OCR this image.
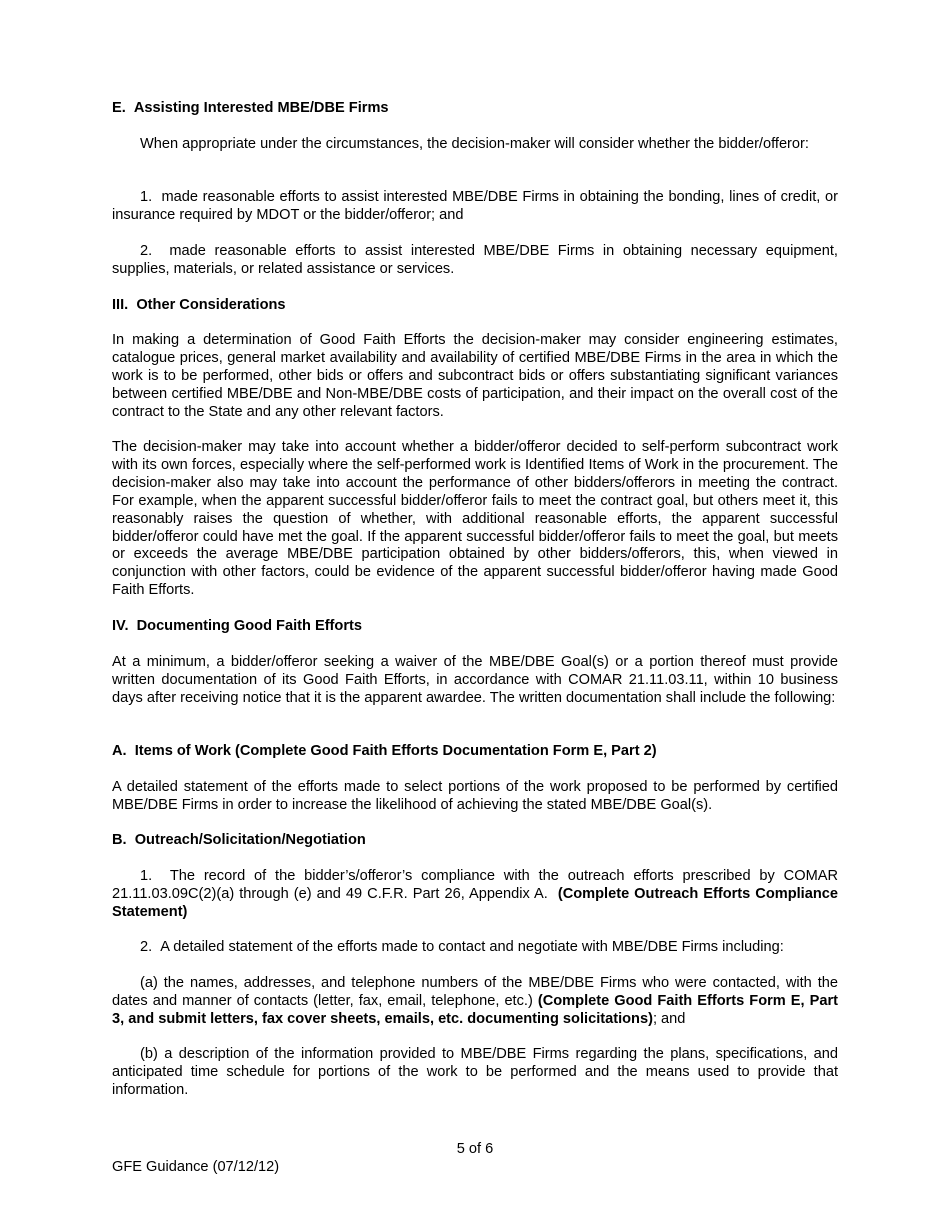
E.  Assisting Interested MBE/DBE Firms

When appropriate under the circumstances, the decision-maker will consider whether the bidder/offeror:

1.  made reasonable efforts to assist interested MBE/DBE Firms in obtaining the bonding, lines of credit, or insurance required by MDOT or the bidder/offeror; and

2.  made reasonable efforts to assist interested MBE/DBE Firms in obtaining necessary equipment, supplies, materials, or related assistance or services.

III.  Other Considerations

In making a determination of Good Faith Efforts the decision-maker may consider engineering estimates, catalogue prices, general market availability and availability of certified MBE/DBE Firms in the area in which the work is to be performed, other bids or offers and subcontract bids or offers substantiating significant variances between certified MBE/DBE and Non-MBE/DBE costs of participation, and their impact on the overall cost of the contract to the State and any other relevant factors.

The decision-maker may take into account whether a bidder/offeror decided to self-perform subcontract work with its own forces, especially where the self-performed work is Identified Items of Work in the procurement. The decision-maker also may take into account the performance of other bidders/offerors in meeting the contract. For example, when the apparent successful bidder/offeror fails to meet the contract goal, but others meet it, this reasonably raises the question of whether, with additional reasonable efforts, the apparent successful bidder/offeror could have met the goal. If the apparent successful bidder/offeror fails to meet the goal, but meets or exceeds the average MBE/DBE participation obtained by other bidders/offerors, this, when viewed in conjunction with other factors, could be evidence of the apparent successful bidder/offeror having made Good Faith Efforts.

IV.  Documenting Good Faith Efforts

At a minimum, a bidder/offeror seeking a waiver of the MBE/DBE Goal(s) or a portion thereof must provide written documentation of its Good Faith Efforts, in accordance with COMAR 21.11.03.11, within 10 business days after receiving notice that it is the apparent awardee. The written documentation shall include the following:

A.  Items of Work (Complete Good Faith Efforts Documentation Form E, Part 2)

A detailed statement of the efforts made to select portions of the work proposed to be performed by certified MBE/DBE Firms in order to increase the likelihood of achieving the stated MBE/DBE Goal(s).

B.  Outreach/Solicitation/Negotiation

1.  The record of the bidder’s/offeror’s compliance with the outreach efforts prescribed by COMAR 21.11.03.09C(2)(a) through (e) and 49 C.F.R. Part 26, Appendix A.  (Complete Outreach Efforts Compliance Statement)

2.  A detailed statement of the efforts made to contact and negotiate with MBE/DBE Firms including:

(a) the names, addresses, and telephone numbers of the MBE/DBE Firms who were contacted, with the dates and manner of contacts (letter, fax, email, telephone, etc.) (Complete Good Faith Efforts Form E, Part 3, and submit letters, fax cover sheets, emails, etc. documenting solicitations); and

(b) a description of the information provided to MBE/DBE Firms regarding the plans, specifications, and anticipated time schedule for portions of the work to be performed and the means used to provide that information.

5 of 6
GFE Guidance (07/12/12)
